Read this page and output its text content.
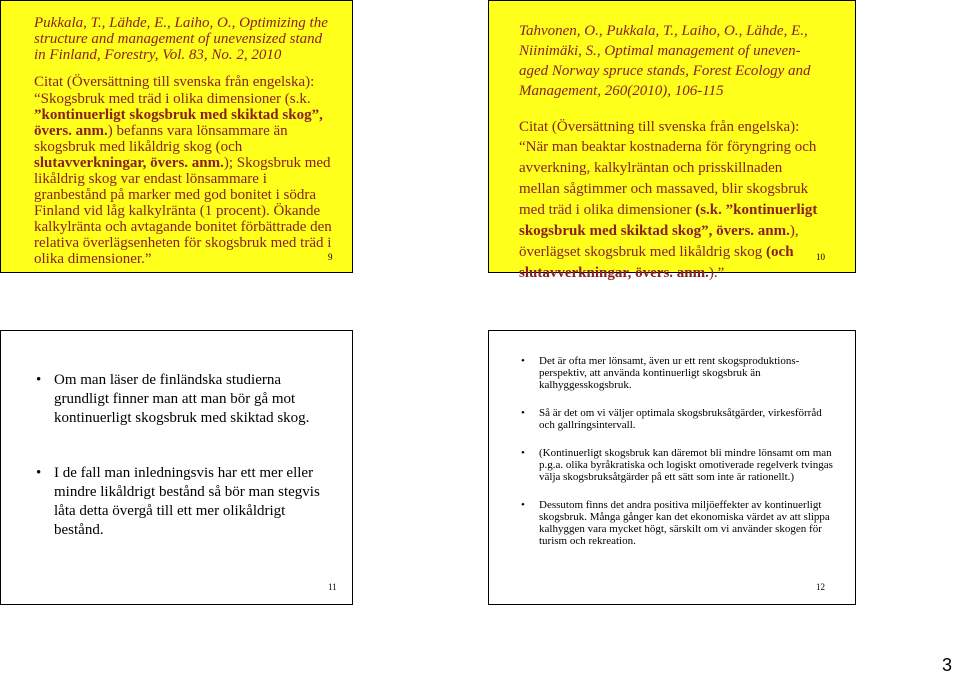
Pukkala, T., Lähde, E., Laiho, O., Optimizing the
structure and management of unevensized stand
in Finland, Forestry, Vol. 83, No. 2, 2010

Citat (Översättning till svenska från engelska):

“Skogsbruk med träd i olika dimensioner (s.k.
”kontinuerligt skogsbruk med skiktad skog”,
övers. anm.) befanns vara lönsammare än
skogsbruk med likåldrig skog (och
slutavverkningar, övers. anm.); Skogsbruk med
likåldrig skog var endast lönsammare i
granbestånd på marker med god bonitet i södra
Finland vid låg kalkylränta (1 procent). Ökande
kalkylränta och avtagande bonitet förbättrade den
relativa överlägsenheten för skogsbruk med träd i
olika dimensioner.”	9

Tahvonen, O., Pukkala, T., Laiho, O., Lähde, E.,
Niinimäki, S., Optimal management of uneven-
aged Norway spruce stands, Forest Ecology and
Management, 260(2010), 106-115

Citat (Översättning till svenska från engelska):

“När man beaktar kostnaderna för föryngring och
avverkning, kalkylräntan och prisskillnaden
mellan sågtimmer och massaved, blir skogsbruk
med träd i olika dimensioner (s.k. ”kontinuerligt
skogsbruk med skiktad skog”, övers. anm.),
överlägset skogsbruk med likåldrig skog (och
slutavverkningar, övers. anm.).”

• Om man läser de finländska studierna grundligt finner man att man bör gå mot kontinuerligt skogsbruk med skiktad skog.
• I de fall man inledningsvis har ett mer eller mindre likåldrigt bestånd så bör man stegvis låta detta övergå till ett mer olikåldrigt bestånd.
• Det är ofta mer lönsamt, även ur ett rent skogsproduktions-perspektiv, att använda kontinuerligt skogsbruk än kalhyggesskogsbruk.
• Så är det om vi väljer optimala skogsbruksåtgärder, virkesförråd och gallringsintervall.
• (Kontinuerligt skogsbruk kan däremot bli mindre lönsamt om man p.g.a. olika byråkratiska och logiskt omotiverade regelverk tvingas välja skogsbruksåtgärder på ett sätt som inte är rationellt.)
• Dessutom finns det andra positiva miljöeffekter av kontinuerligt skogsbruk. Många gånger kan det ekonomiska värdet av att slippa kalhyggen vara mycket högt, särskilt om vi använder skogen för turism och rekreation.
10
11	12
3
